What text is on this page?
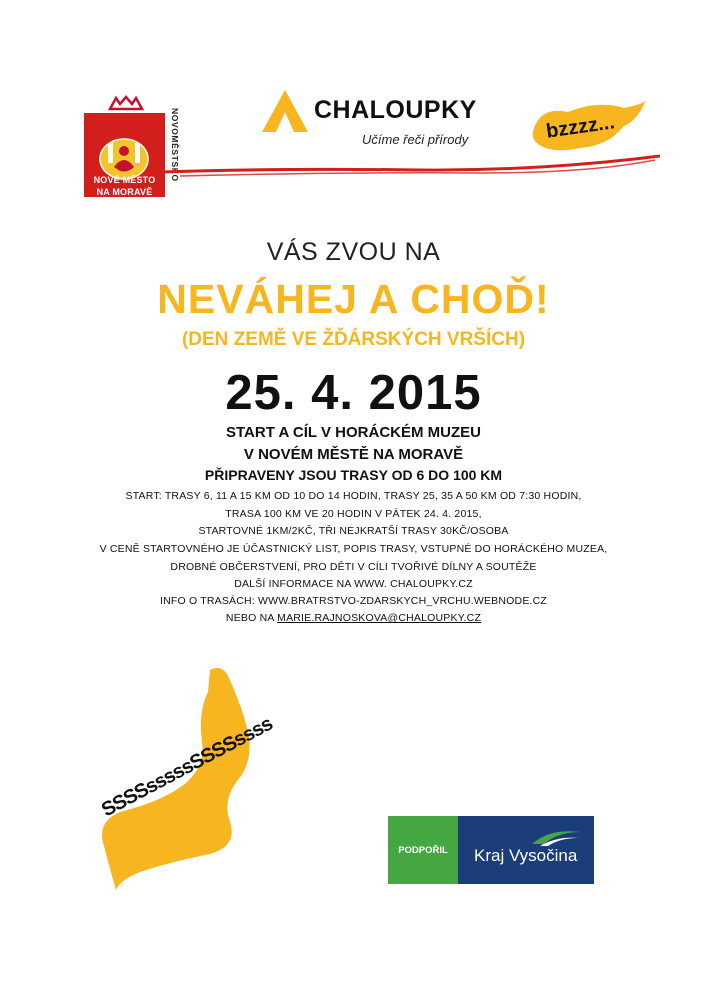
NOVÉ MĚSTO
NA MORAVĚ
NOVOMĚSTSKO	CHALOUPKY
Učíme řeči přírody	bzzzz...
VÁS ZVOU NA
NEVÁHEJ A CHOĎ!
(DEN ZEMĚ VE ŽĎÁRSKÝCH VRŠÍCH)
25. 4. 2015
START A CÍL V HORÁCKÉM MUZEU
V NOVÉM MĚSTĚ NA MORAVĚ
PŘIPRAVENY JSOU TRASY OD 6 DO 100 KM
START: TRASY 6, 11 A 15 KM OD 10 DO 14 HODIN, TRASY 25, 35 A 50 KM OD 7:30 HODIN,
TRASA 100 KM VE 20 HODIN V PÁTEK 24. 4. 2015,
STARTOVNÉ 1KM/2KČ, TŘI NEJKRATŠÍ TRASY 30KČ/OSOBA
V CENĚ STARTOVNÉHO JE ÚČASTNICKÝ LIST, POPIS TRASY, VSTUPNÉ DO HORÁCKÉHO MUZEA,
DROBNÉ OBČERSTVENÍ, PRO DĚTI V CÍLI TVOŘIVÉ DÍLNY A SOUTĚŽE
DALŠÍ INFORMACE NA WWW. CHALOUPKY.CZ
INFO O TRASÁCH: WWW.BRATRSTVO-ZDARSKYCH_VRCHU.WEBNODE.CZ
NEBO NA MARIE.RAJNOSKOVA@CHALOUPKY.CZ
SSSSsssssSSSSssss
PODPOŘIL	Kraj Vysočina
